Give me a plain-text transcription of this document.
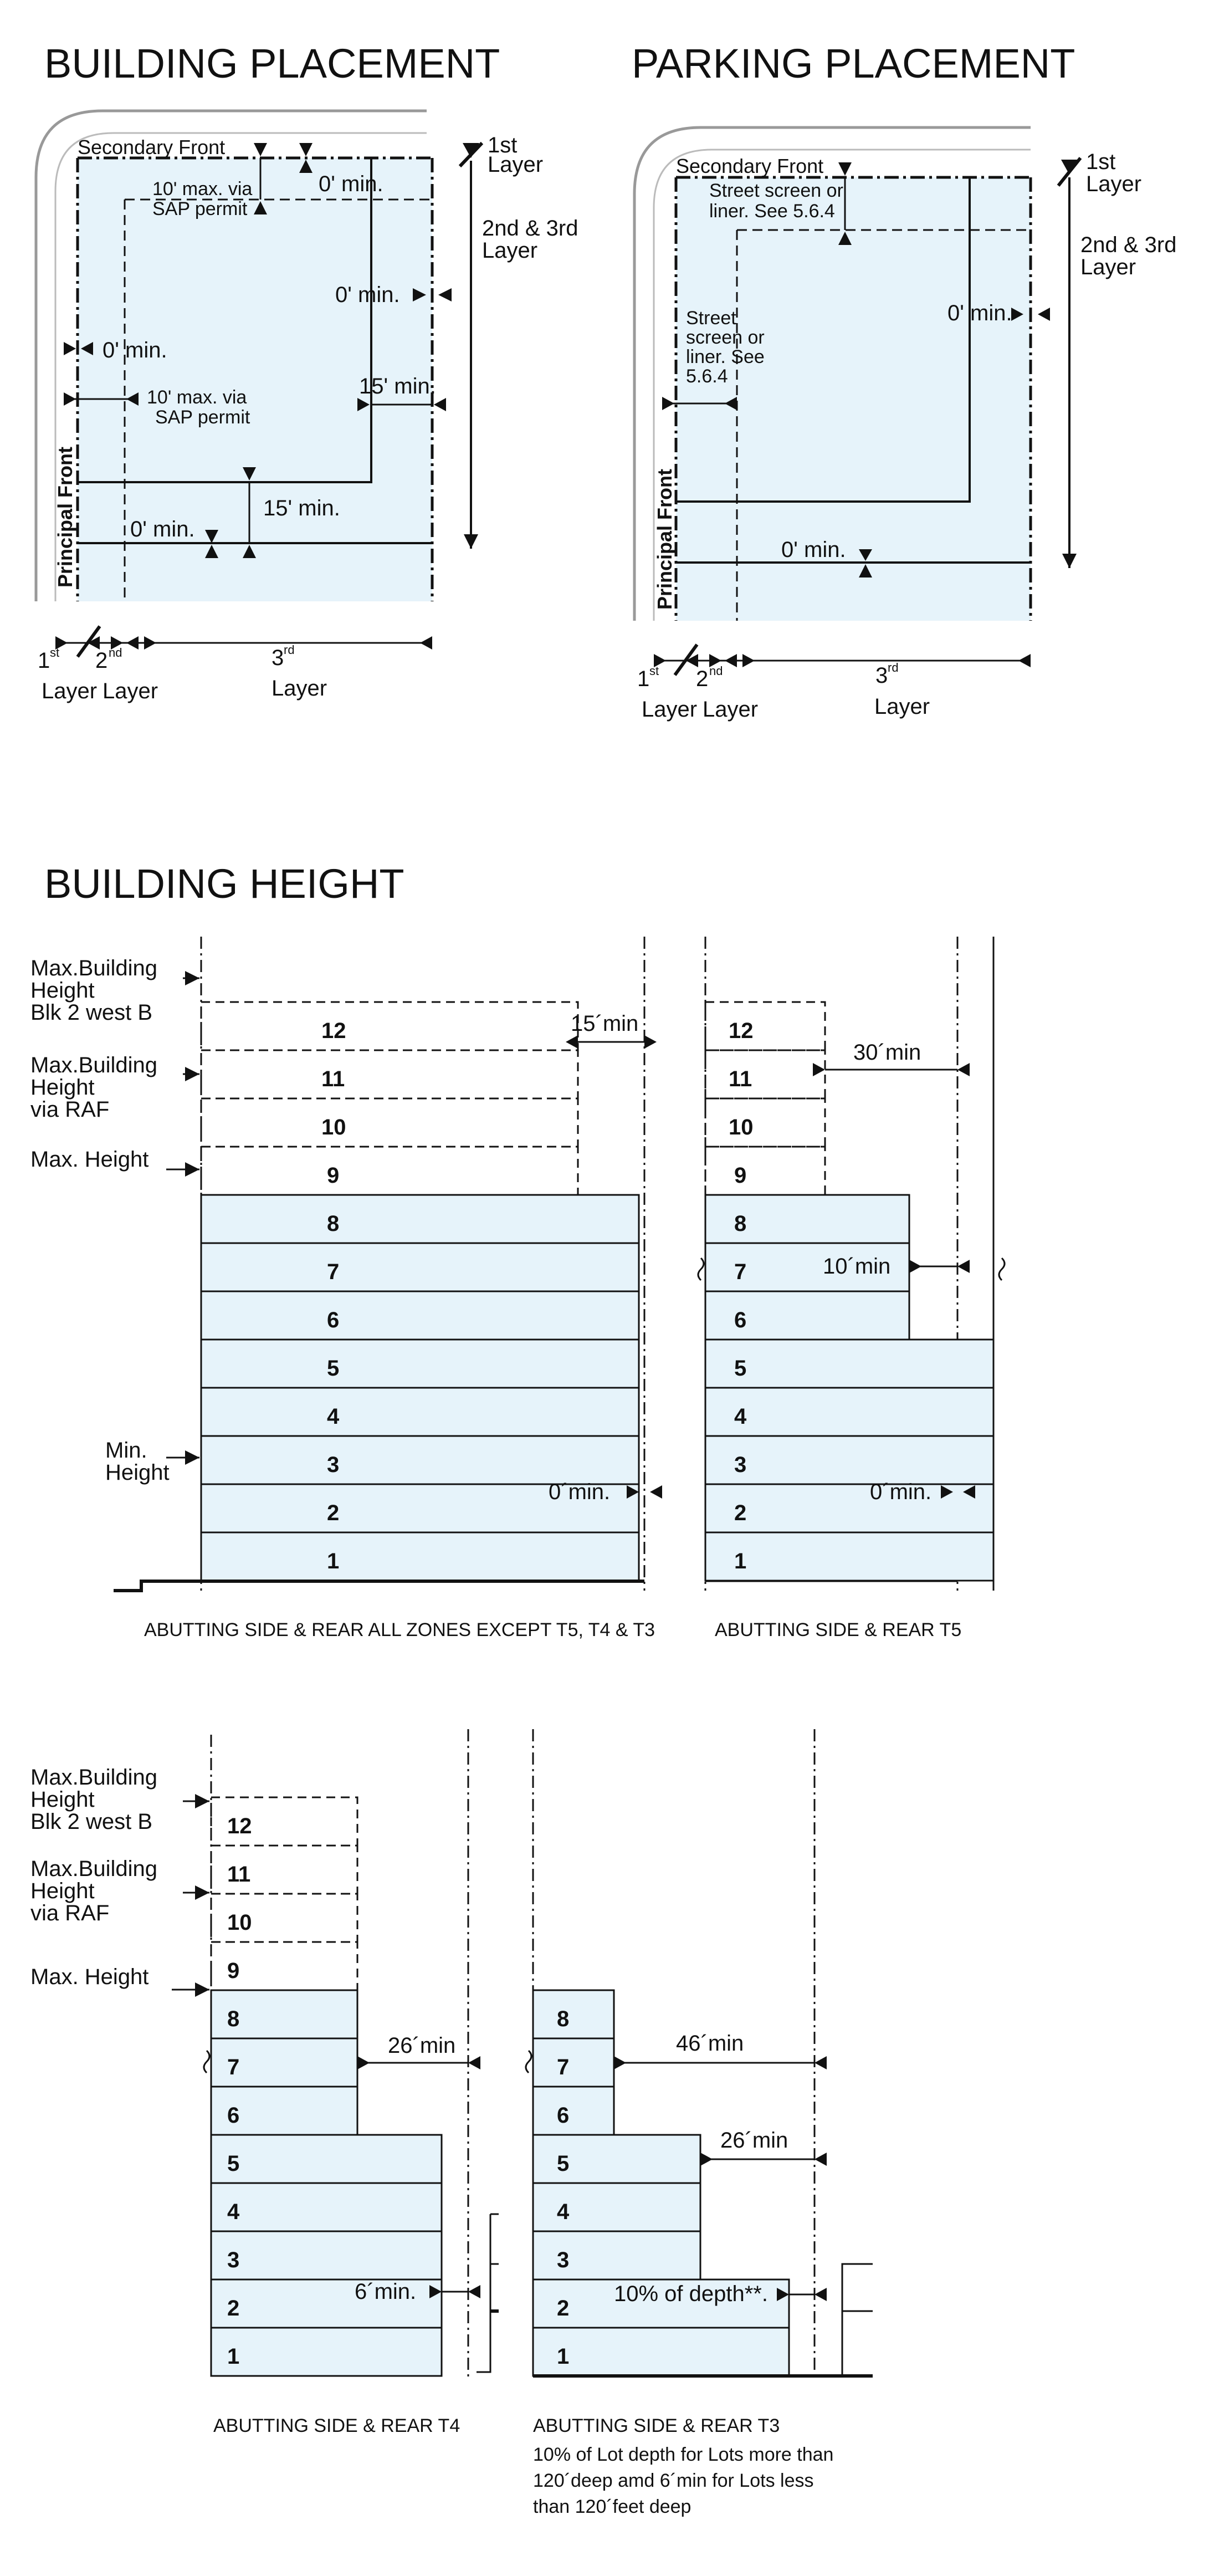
BUILDING PLACEMENT	PARKING PLACEMENT
BUILDING HEIGHT
Secondary Front
Principal Front
1st
Layer
2nd & 3rd
Layer
10' max. via
SAP permit
0' min.
0' min.
0' min.
10' max. via
SAP permit
15' min.
15' min.
0' min.
1 st 2 nd	3 rd
Layer Layer	Layer
Secondary Front
Principal Front
1st
Layer
2nd & 3rd
Layer
Street screen or
liner. See 5.6.4
Street
screen or
liner. See
5.6.4
0' min.
0' min.
1 st 2 nd	3 rd
Layer Layer	Layer
1
2
3
4
5
6
7
8
9
10
11
12
Max.Building
Height
Blk 2 west B
Max.Building
Height
via RAF
Max. Height
Min.
Height
15´min
0´min.
ABUTTING SIDE & REAR ALL ZONES EXCEPT T5, T4 & T3
1
2
3
4
5
6
7
8
9
10
11
12
30´min
10´min
0´min.
ABUTTING SIDE & REAR T5
1
2
3
4
5
6
7
8
9
10
11
12
Max.Building
Height
Blk 2 west B
Max.Building
Height
via RAF
Max. Height
26´min
6´min.
ABUTTING SIDE & REAR T4
1
2
3
4
5
6
7
8
46´min
26´min
10% of depth**.
ABUTTING SIDE & REAR T3
10% of Lot depth for Lots more than
120´deep amd 6´min for Lots less
than 120´feet deep
